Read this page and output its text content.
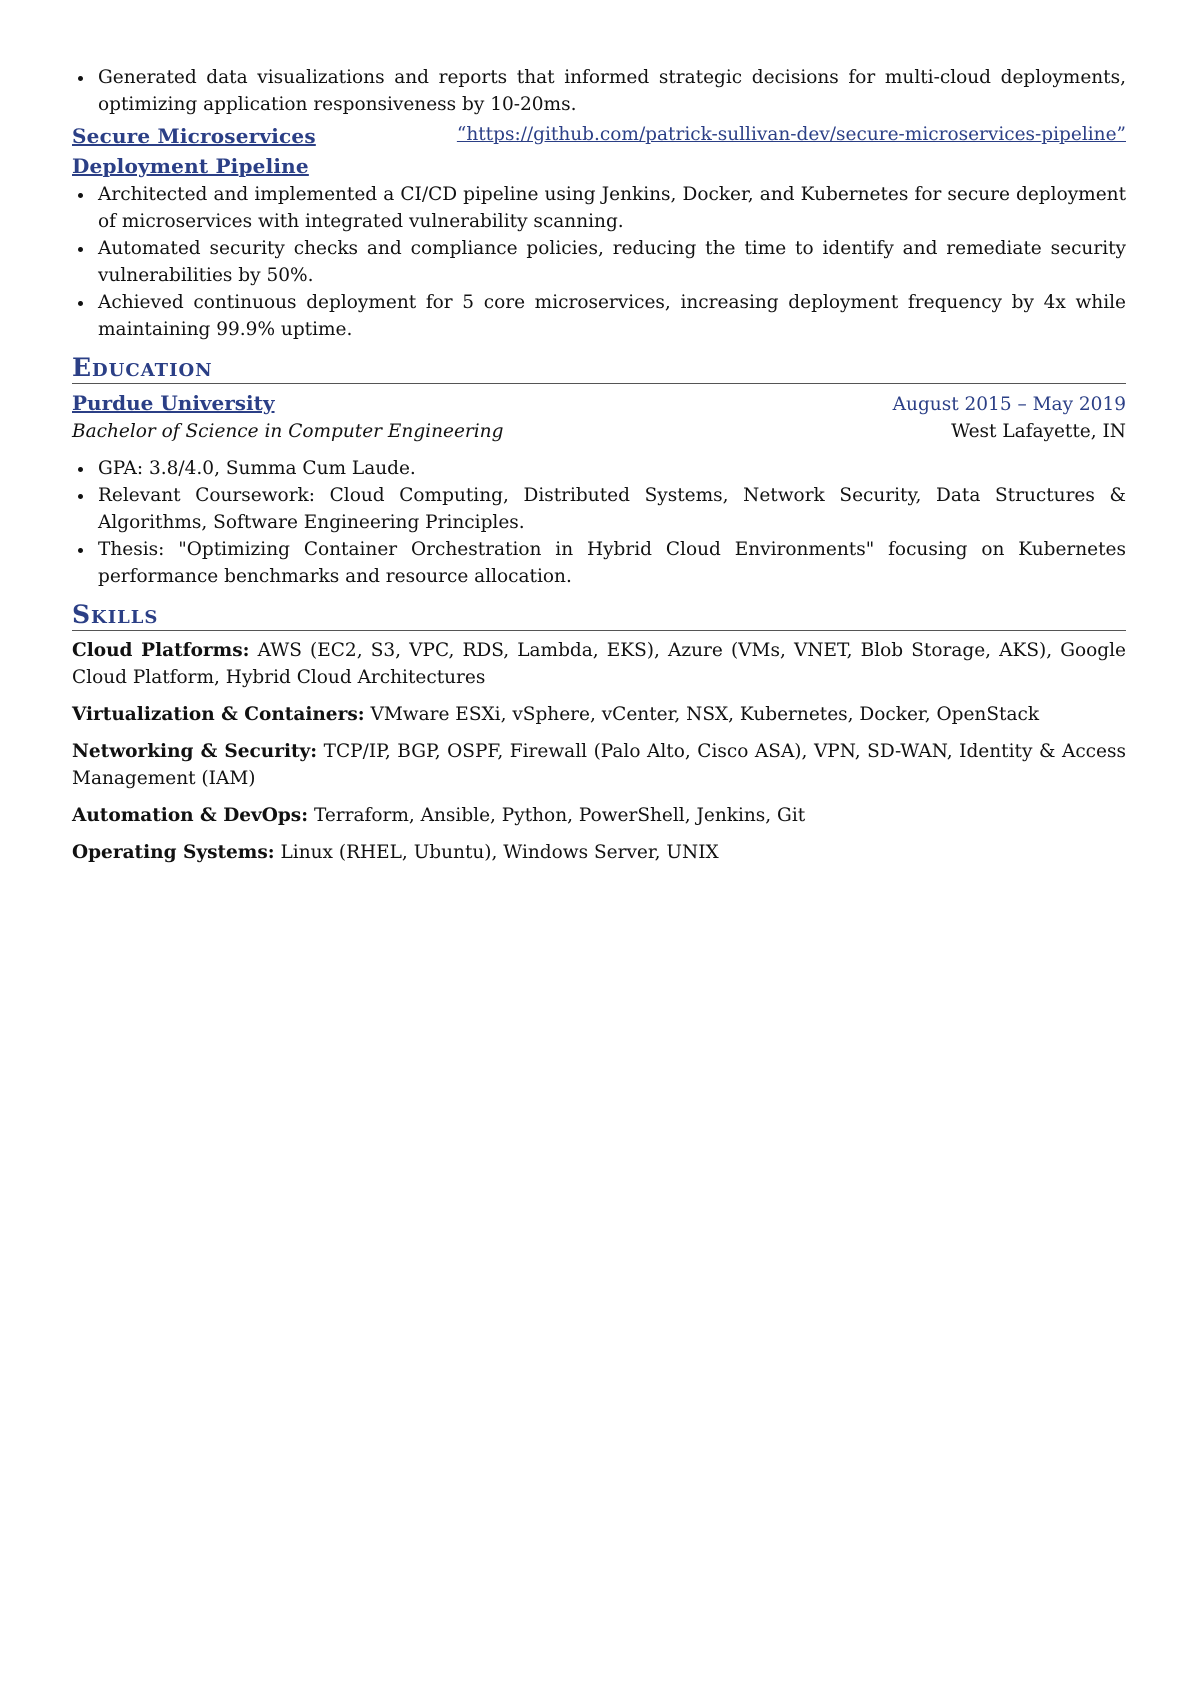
Generated data visualizations and reports that informed strategic decisions for multi-cloud deployments, optimizing application responsiveness by 10-20ms.
Secure Microservices Deployment Pipeline
“https://github.com/patrick-sullivan-dev/secure-microservices-pipeline”
Architected and implemented a CI/CD pipeline using Jenkins, Docker, and Kubernetes for secure deployment of microservices with integrated vulnerability scanning.
Automated security checks and compliance policies, reducing the time to identify and remediate security vulnerabilities by 50%.
Achieved continuous deployment for 5 core microservices, increasing deployment frequency by 4x while maintaining 99.9% uptime.
Education
Purdue University	August 2015 – May 2019
Bachelor of Science in Computer Engineering	West Lafayette, IN
GPA: 3.8/4.0, Summa Cum Laude.
Relevant Coursework: Cloud Computing, Distributed Systems, Network Security, Data Structures & Algorithms, Software Engineering Principles.
Thesis: "Optimizing Container Orchestration in Hybrid Cloud Environments" focusing on Kubernetes performance benchmarks and resource allocation.
Skills
Cloud Platforms: AWS (EC2, S3, VPC, RDS, Lambda, EKS), Azure (VMs, VNET, Blob Storage, AKS), Google Cloud Platform, Hybrid Cloud Architectures
Virtualization & Containers: VMware ESXi, vSphere, vCenter, NSX, Kubernetes, Docker, OpenStack
Networking & Security: TCP/IP, BGP, OSPF, Firewall (Palo Alto, Cisco ASA), VPN, SD-WAN, Identity & Access Management (IAM)
Automation & DevOps: Terraform, Ansible, Python, PowerShell, Jenkins, Git
Operating Systems: Linux (RHEL, Ubuntu), Windows Server, UNIX
